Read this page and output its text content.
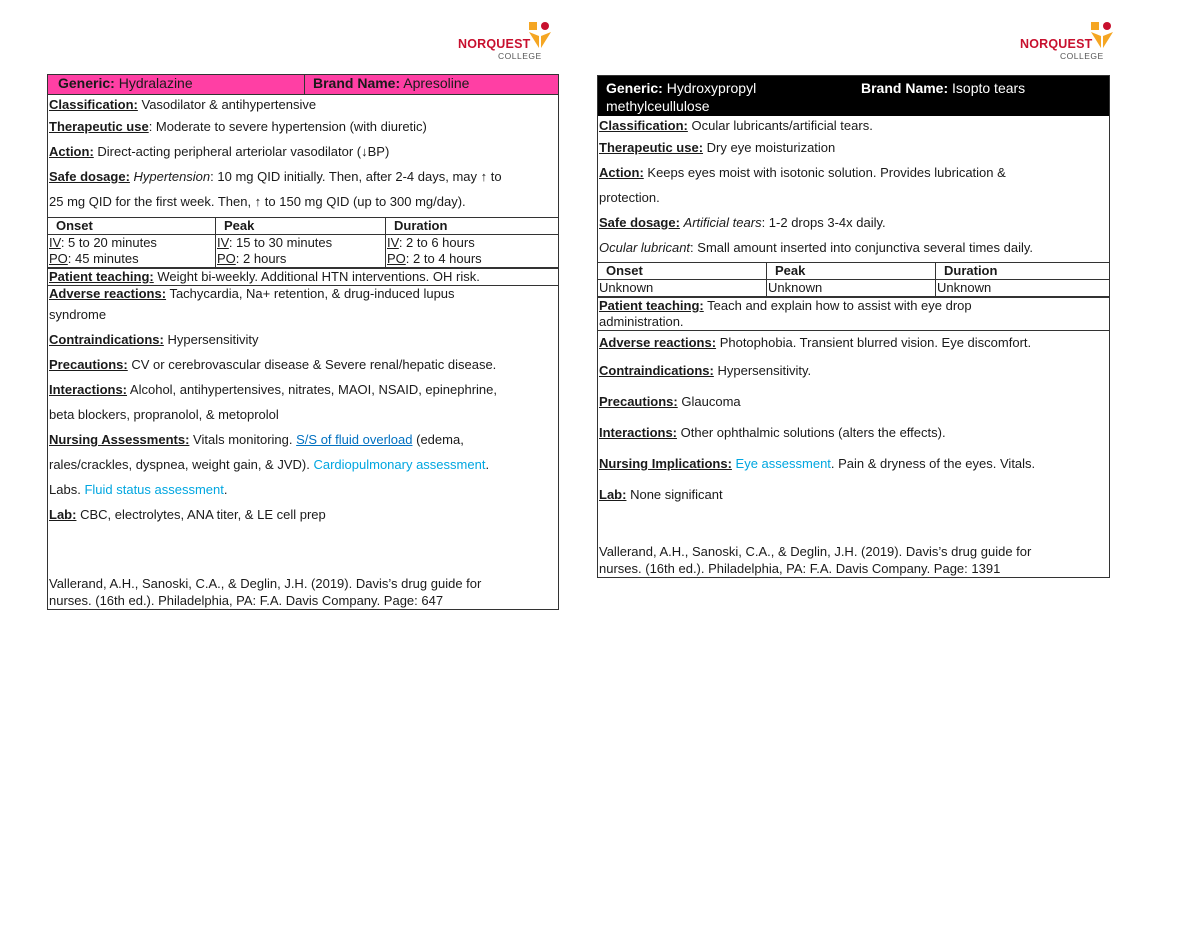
NORQUEST
COLLEGE
NORQUEST
COLLEGE
Generic: Hydralazine	Brand Name: Apresoline

Classification: Vasodilator & antihypertensive

Therapeutic use: Moderate to severe hypertension (with diuretic)

Action: Direct-acting peripheral arteriolar vasodilator (↓BP)

Safe dosage: Hypertension: 10 mg QID initially. Then, after 2-4 days, may ↑ to

25 mg QID for the first week. Then, ↑ to 150 mg QID (up to 300 mg/day).

Onset	Peak	Duration
IV: 5 to 20 minutes	IV: 15 to 30 minutes	IV: 2 to 6 hours
PO: 45 minutes	PO: 2 hours	PO: 2 to 4 hours

Patient teaching: Weight bi-weekly. Additional HTN interventions. OH risk.

Adverse reactions: Tachycardia, Na+ retention, & drug-induced lupus

syndrome

Contraindications: Hypersensitivity

Precautions: CV or cerebrovascular disease & Severe renal/hepatic disease.

Interactions: Alcohol, antihypertensives, nitrates, MAOI, NSAID, epinephrine,

beta blockers, propranolol, & metoprolol

Nursing Assessments: Vitals monitoring. S/S of fluid overload (edema,

rales/crackles, dyspnea, weight gain, & JVD). Cardiopulmonary assessment.

Labs. Fluid status assessment.

Lab: CBC, electrolytes, ANA titer, & LE cell prep

Vallerand, A.H., Sanoski, C.A., & Deglin, J.H. (2019). Davis’s drug guide for

nurses. (16th ed.). Philadelphia, PA: F.A. Davis Company. Page: 647

Generic: Hydroxypropyl
methylceullulose
Brand Name: Isopto tears

Classification: Ocular lubricants/artificial tears.

Therapeutic use: Dry eye moisturization

Action: Keeps eyes moist with isotonic solution. Provides lubrication &

protection.

Safe dosage: Artificial tears: 1-2 drops 3-4x daily.

Ocular lubricant: Small amount inserted into conjunctiva several times daily.

Onset	Peak	Duration
Unknown	Unknown	Unknown

Patient teaching: Teach and explain how to assist with eye drop

administration.

Adverse reactions: Photophobia. Transient blurred vision. Eye discomfort.

Contraindications: Hypersensitivity.

Precautions: Glaucoma

Interactions: Other ophthalmic solutions (alters the effects).

Nursing Implications: Eye assessment. Pain & dryness of the eyes. Vitals.

Lab: None significant

Vallerand, A.H., Sanoski, C.A., & Deglin, J.H. (2019). Davis’s drug guide for

nurses. (16th ed.). Philadelphia, PA: F.A. Davis Company. Page: 1391
